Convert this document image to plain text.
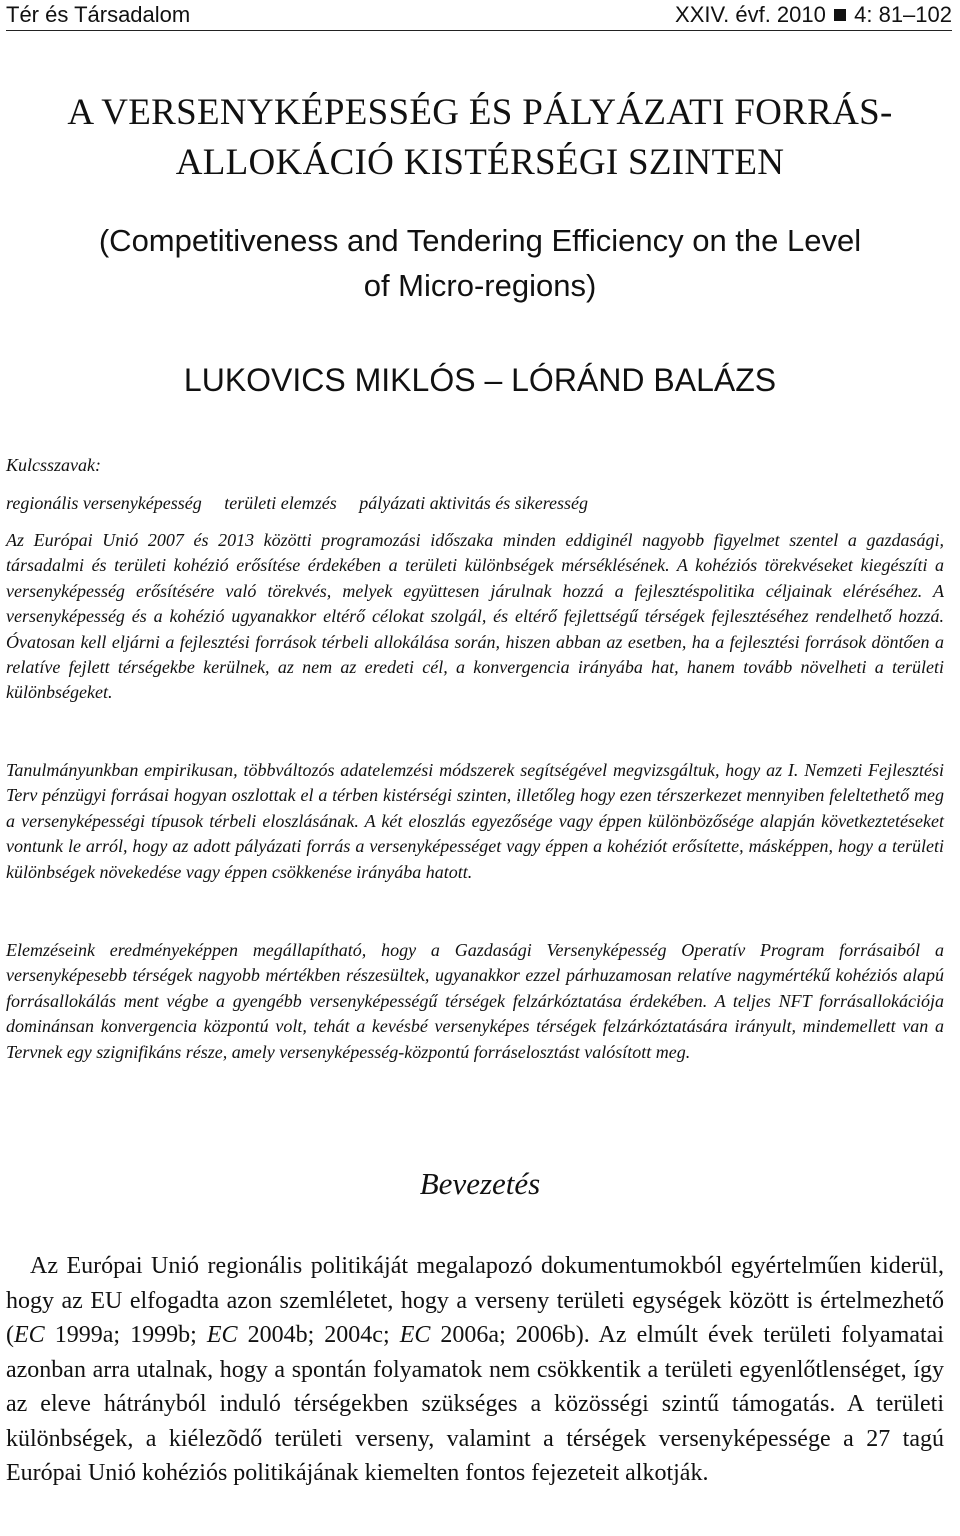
Tér és Társadalom	XXIV. évf. 2010 4: 81–102
A VERSENYKÉPESSÉG ÉS PÁLYÁZATI FORRÁS-
ALLOKÁCIÓ KISTÉRSÉGI SZINTEN
(Competitiveness and Tendering Efficiency on the Level
of Micro-regions)
LUKOVICS MIKLÓS – LÓRÁND BALÁZS
Kulcsszavak:
regionális versenyképesség területi elemzés pályázati aktivitás és sikeresség

Az Európai Unió 2007 és 2013 közötti programozási időszaka minden eddiginél nagyobb figyelmet szentel a gazdasági, társadalmi és területi kohézió erősítése érdekében a területi különbségek mérséklésének. A kohéziós törekvéseket kiegészíti a versenyképesség erősítésére való törekvés, melyek együttesen járulnak hozzá a fejlesztéspolitika céljainak eléréséhez. A versenyképesség és a kohézió ugyanakkor eltérő célokat szolgál, és eltérő fejlettségű térségek fejlesztéséhez rendelhető hozzá. Óvatosan kell eljárni a fejlesztési források térbeli allokálása során, hiszen abban az esetben, ha a fejlesztési források döntően a relatíve fejlett térségekbe kerülnek, az nem az eredeti cél, a konvergencia irányába hat, hanem tovább növelheti a területi különbségeket.

Tanulmányunkban empirikusan, többváltozós adatelemzési módszerek segítségével megvizsgáltuk, hogy az I. Nemzeti Fejlesztési Terv pénzügyi forrásai hogyan oszlottak el a térben kistérségi szinten, illetőleg hogy ezen térszerkezet mennyiben feleltethető meg a versenyképességi típusok térbeli eloszlásának. A két eloszlás egyezősége vagy éppen különbözősége alapján következtetéseket vontunk le arról, hogy az adott pályázati forrás a versenyképességet vagy éppen a kohéziót erősítette, másképpen, hogy a területi különbségek növekedése vagy éppen csökkenése irányába hatott.

Elemzéseink eredményeképpen megállapítható, hogy a Gazdasági Versenyképesség Operatív Program forrásaiból a versenyképesebb térségek nagyobb mértékben részesültek, ugyanakkor ezzel párhuzamosan relatíve nagymértékű kohéziós alapú forrásallokálás ment végbe a gyengébb versenyképességű térségek felzárkóztatása érdekében. A teljes NFT forrásallokációja dominánsan konvergencia központú volt, tehát a kevésbé versenyképes térségek felzárkóztatására irányult, mindemellett van a Tervnek egy szignifikáns része, amely versenyképesség-központú forráselosztást valósított meg.

Bevezetés

Az Európai Unió regionális politikáját megalapozó dokumentumokból egyértelműen kiderül, hogy az EU elfogadta azon szemléletet, hogy a verseny területi egységek között is értelmezhető (EC 1999a; 1999b; EC 2004b; 2004c; EC 2006a; 2006b). Az elmúlt évek területi folyamatai azonban arra utalnak, hogy a spontán folyamatok nem csökkentik a területi egyenlőtlenséget, így az eleve hátrányból induló térségekben szükséges a közösségi szintű támogatás. A területi különbségek, a kiélezõdő területi verseny, valamint a térségek versenyképessége a 27 tagú Európai Unió kohéziós politikájának kiemelten fontos fejezeteit alkotják.
